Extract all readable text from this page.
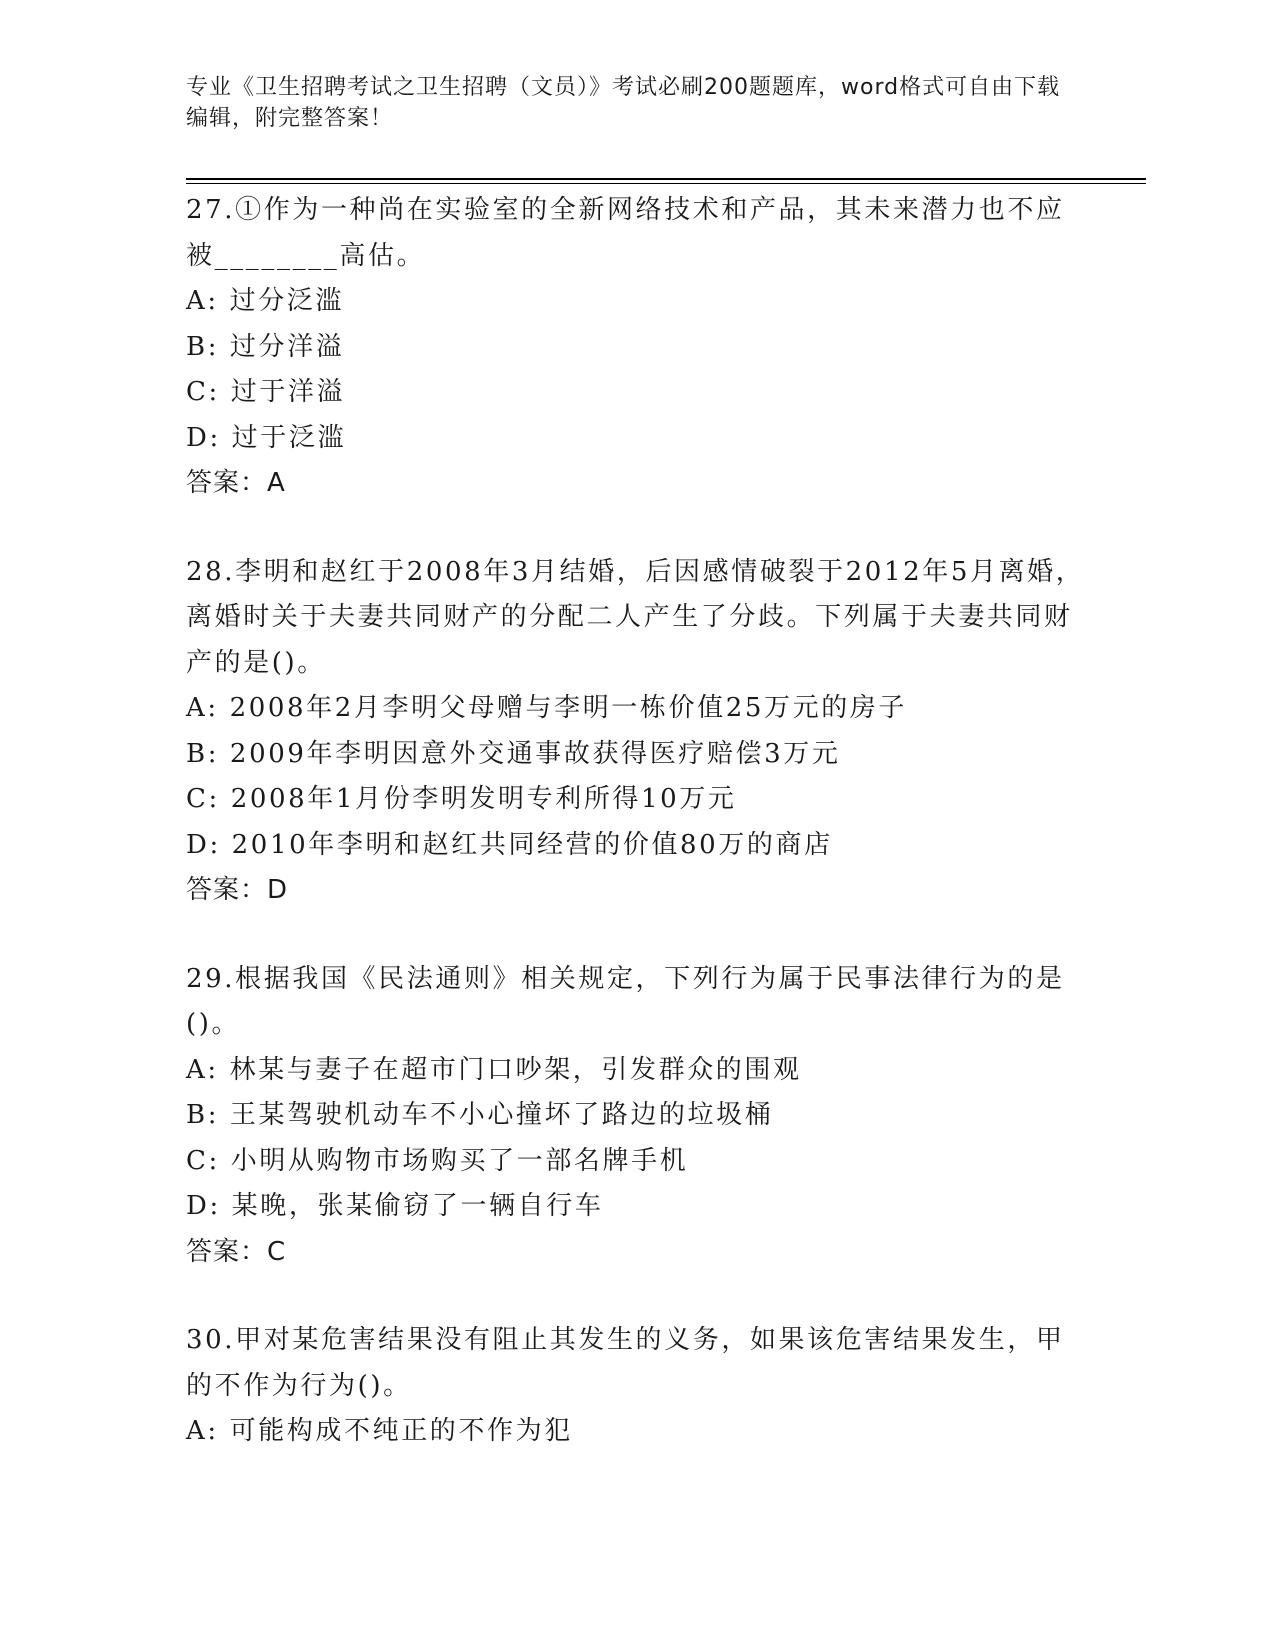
专业《卫生招聘考试之卫生招聘（文员）》考试必刷200题题库，word格式可自由下载编辑，附完整答案！

27.①作为一种尚在实验室的全新网络技术和产品，其未来潜力也不应被________高估。

A: 过分泛滥

B: 过分洋溢

C: 过于洋溢

D: 过于泛滥

答案：A

28.李明和赵红于2008年3月结婚，后因感情破裂于2012年5月离婚，离婚时关于夫妻共同财产的分配二人产生了分歧。下列属于夫妻共同财产的是()。

A: 2008年2月李明父母赠与李明一栋价值25万元的房子

B: 2009年李明因意外交通事故获得医疗赔偿3万元

C: 2008年1月份李明发明专利所得10万元

D: 2010年李明和赵红共同经营的价值80万的商店

答案：D

29.根据我国《民法通则》相关规定，下列行为属于民事法律行为的是()。

A: 林某与妻子在超市门口吵架，引发群众的围观

B: 王某驾驶机动车不小心撞坏了路边的垃圾桶

C: 小明从购物市场购买了一部名牌手机

D: 某晚，张某偷窃了一辆自行车

答案：C

30.甲对某危害结果没有阻止其发生的义务，如果该危害结果发生，甲的不作为行为()。

A: 可能构成不纯正的不作为犯
